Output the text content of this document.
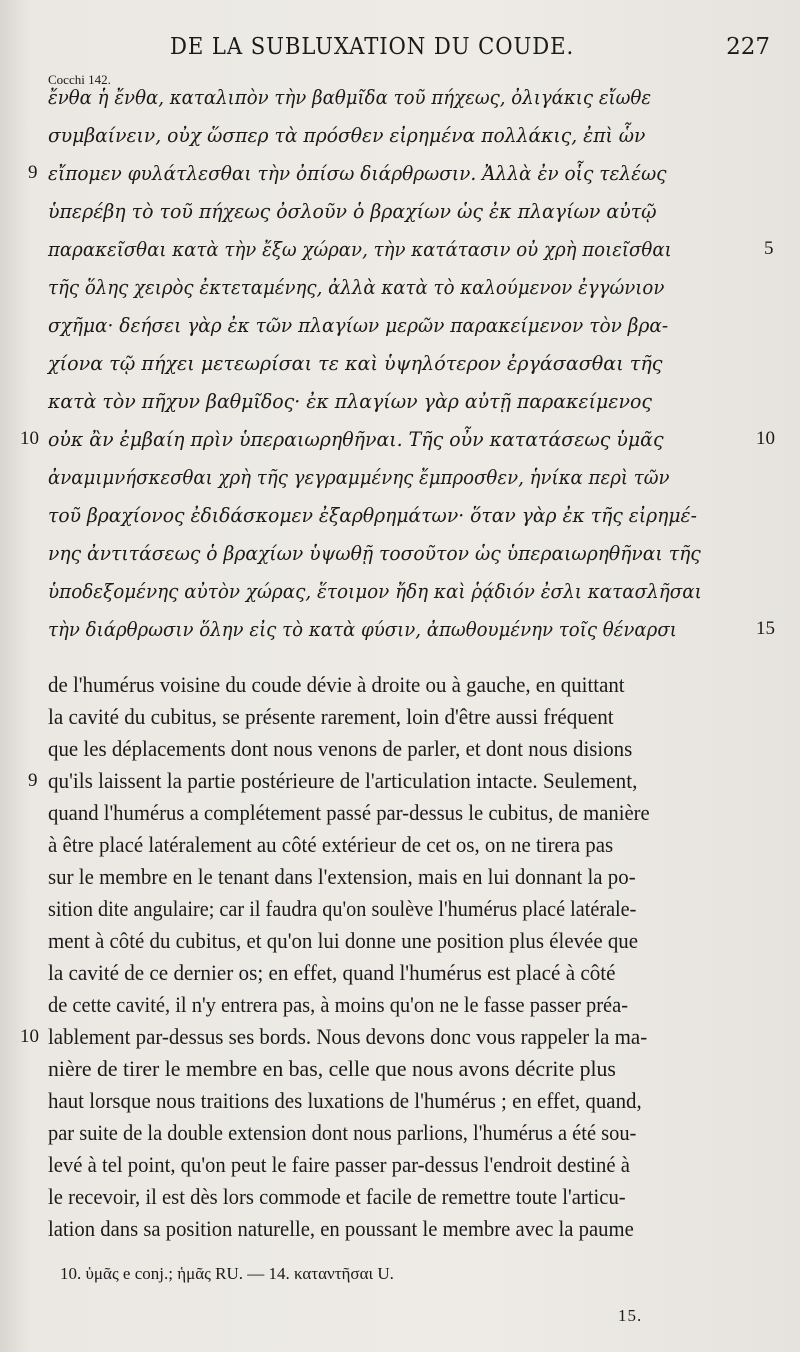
DE LA SUBLUXATION DU COUDE.	227
Cocchi 142.
ἔνθα ἡ ἔνθα, καταλιπὸν τὴν βαθμῖδα τοῦ πήχεως, ὀλιγάκις εἴωθε
συμβαίνειν, οὐχ ὥσπερ τὰ πρόσθεν εἰρημένα πολλάκις, ἐπὶ ὧν
εἴπομεν φυλάτλεσθαι τὴν ὀπίσω διάρθρωσιν. Ἀλλὰ ἐν οἷς τελέως
ὑπερέβη τὸ τοῦ πήχεως ὀσλοῦν ὁ βραχίων ὡς ἐκ πλαγίων αὐτῷ
παρακεῖσθαι κατὰ τὴν ἔξω χώραν, τὴν κατάτασιν οὐ χρὴ ποιεῖσθαι
τῆς ὅλης χειρὸς ἐκτεταμένης, ἀλλὰ κατὰ τὸ καλούμενον ἐγγώνιον
σχῆμα· δεήσει γὰρ ἐκ τῶν πλαγίων μερῶν παρακείμενον τὸν βρα-
χίονα τῷ πήχει μετεωρίσαι τε καὶ ὑψηλότερον ἐργάσασθαι τῆς
κατὰ τὸν πῆχυν βαθμῖδος· ἐκ πλαγίων γὰρ αὐτῇ παρακείμενος
οὐκ ἂν ἐμβαίη πρὶν ὑπεραιωρηθῆναι. Τῆς οὖν κατατάσεως ὑμᾶς
ἀναμιμνήσκεσθαι χρὴ τῆς γεγραμμένης ἔμπροσθεν, ἡνίκα περὶ τῶν
τοῦ βραχίονος ἐδιδάσκομεν ἐξαρθρημάτων· ὅταν γὰρ ἐκ τῆς εἰρημέ-
νης ἀντιτάσεως ὁ βραχίων ὑψωθῇ τοσοῦτον ὡς ὑπεραιωρηθῆναι τῆς
ὑποδεξομένης αὐτὸν χώρας, ἕτοιμον ἤδη καὶ ῥᾴδιόν ἐσλι κατασλῆσαι
τὴν διάρθρωσιν ὅλην εἰς τὸ κατὰ φύσιν, ἀπωθουμένην τοῖς θέναρσι
9
10
5
10
15
de l'humérus voisine du coude dévie à droite ou à gauche, en quittant
la cavité du cubitus, se présente rarement, loin d'être aussi fréquent
que les déplacements dont nous venons de parler, et dont nous disions
qu'ils laissent la partie postérieure de l'articulation intacte. Seulement,
quand l'humérus a complétement passé par-dessus le cubitus, de manière
à être placé latéralement au côté extérieur de cet os, on ne tirera pas
sur le membre en le tenant dans l'extension, mais en lui donnant la po-
sition dite angulaire; car il faudra qu'on soulève l'humérus placé latérale-
ment à côté du cubitus, et qu'on lui donne une position plus élevée que
la cavité de ce dernier os; en effet, quand l'humérus est placé à côté
de cette cavité, il n'y entrera pas, à moins qu'on ne le fasse passer préa-
lablement par-dessus ses bords. Nous devons donc vous rappeler la ma-
nière de tirer le membre en bas, celle que nous avons décrite plus
haut lorsque nous traitions des luxations de l'humérus ; en effet, quand,
par suite de la double extension dont nous parlions, l'humérus a été sou-
levé à tel point, qu'on peut le faire passer par-dessus l'endroit destiné à
le recevoir, il est dès lors commode et facile de remettre toute l'articu-
lation dans sa position naturelle, en poussant le membre avec la paume
9
10
10. ὑμᾶς e conj.; ἡμᾶς RU. — 14. καταντῆσαι U.
15.
